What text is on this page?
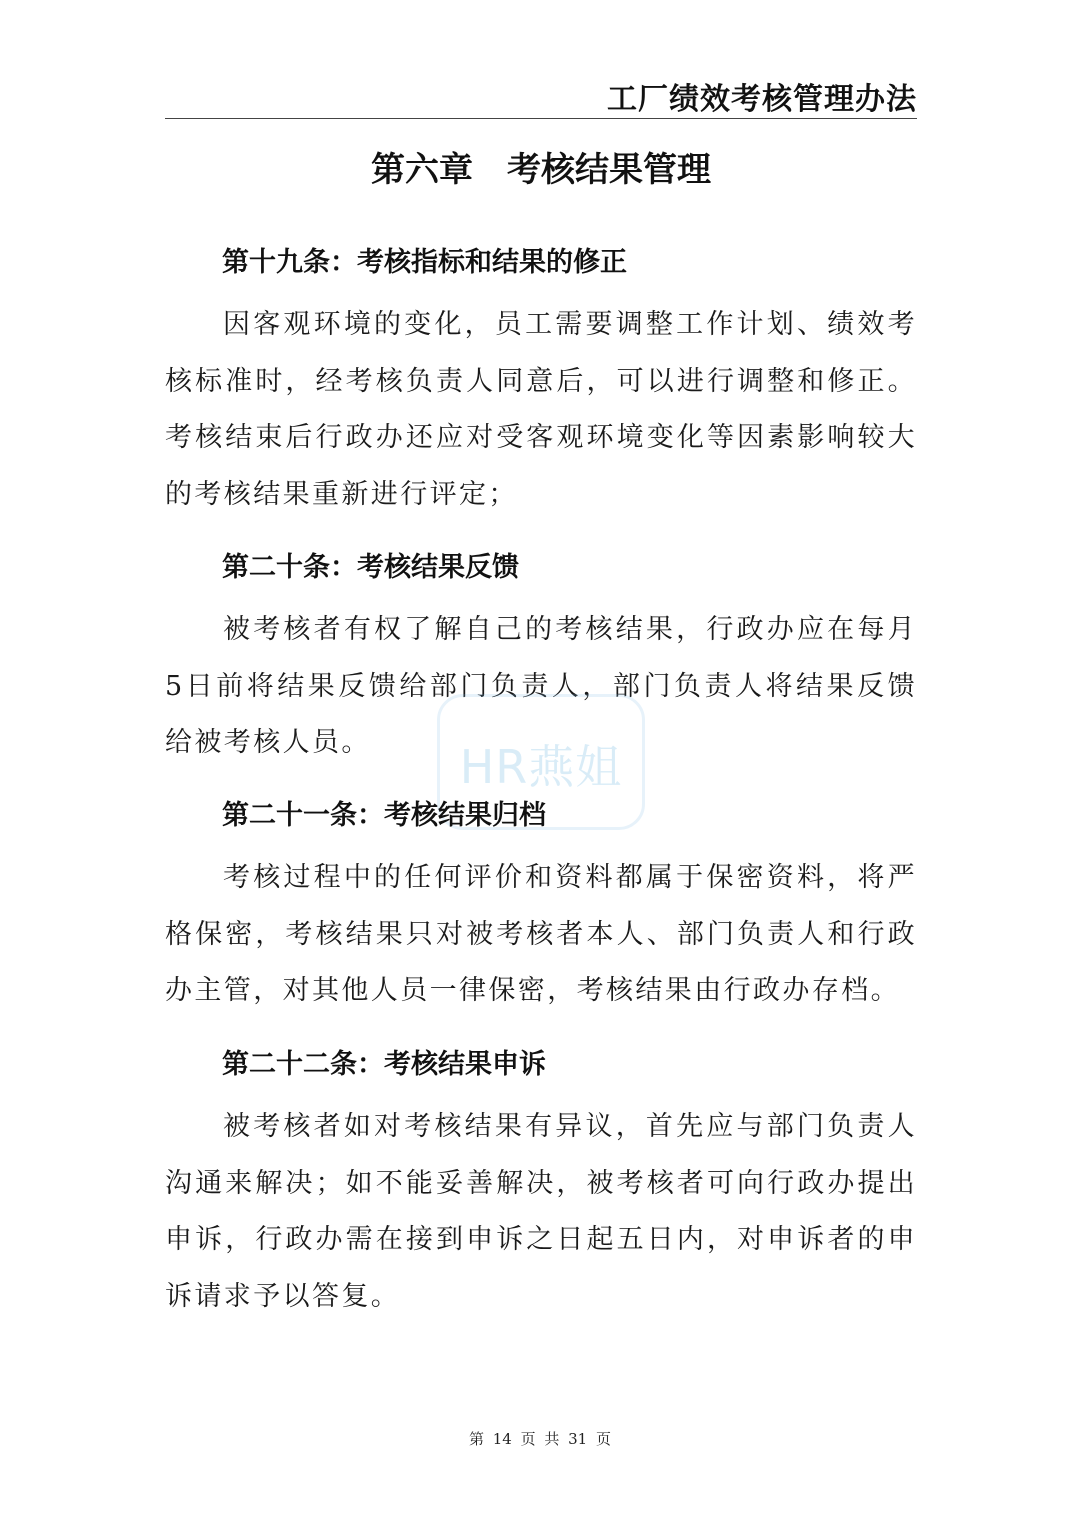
工厂绩效考核管理办法
第六章　考核结果管理
第十九条：考核指标和结果的修正

因客观环境的变化，员工需要调整工作计划、绩效考核标准时，经考核负责人同意后，可以进行调整和修正。考核结束后行政办还应对受客观环境变化等因素影响较大的考核结果重新进行评定；

第二十条：考核结果反馈

被考核者有权了解自己的考核结果，行政办应在每月5日前将结果反馈给部门负责人，部门负责人将结果反馈给被考核人员。	HR燕姐
第二十一条：考核结果归档

考核过程中的任何评价和资料都属于保密资料，将严格保密，考核结果只对被考核者本人、部门负责人和行政办主管，对其他人员一律保密，考核结果由行政办存档。

第二十二条：考核结果申诉

被考核者如对考核结果有异议，首先应与部门负责人沟通来解决；如不能妥善解决，被考核者可向行政办提出申诉，行政办需在接到申诉之日起五日内，对申诉者的申诉请求予以答复。

第 14 页 共 31 页
